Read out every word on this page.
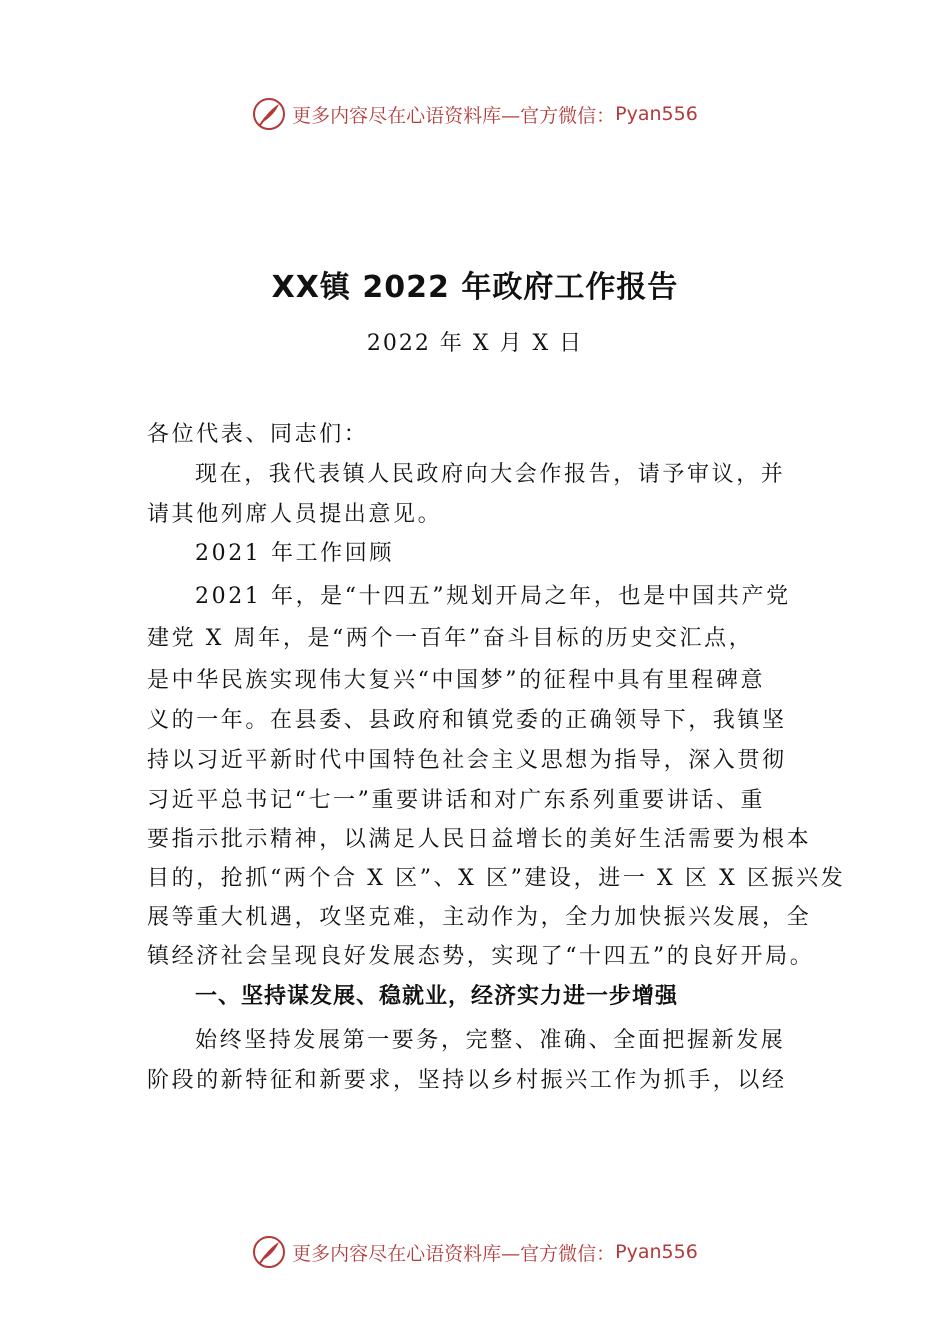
更多内容尽在心语资料库—官方微信： Pyan556
XX镇 2022 年政府工作报告
2022 年 X 月 X 日
各位代表、同志们：
现在，我代表镇人民政府向大会作报告，请予审议，并
请其他列席人员提出意见。
2021 年工作回顾
2021 年，是“十四五”规划开局之年，也是中国共产党
建党 X 周年，是“两个一百年”奋斗目标的历史交汇点，
是中华民族实现伟大复兴“中国梦”的征程中具有里程碑意
义的一年。在县委、县政府和镇党委的正确领导下，我镇坚
持以习近平新时代中国特色社会主义思想为指导，深入贯彻
习近平总书记“七一”重要讲话和对广东系列重要讲话、重
要指示批示精神，以满足人民日益增长的美好生活需要为根本
目的，抢抓“两个合 X 区”、X 区”建设，进一 X 区 X 区振兴发
展等重大机遇，攻坚克难，主动作为，全力加快振兴发展，全
镇经济社会呈现良好发展态势，实现了“十四五”的良好开局。
一、坚持谋发展、稳就业，经济实力进一步增强
始终坚持发展第一要务，完整、准确、全面把握新发展
阶段的新特征和新要求，坚持以乡村振兴工作为抓手，以经
更多内容尽在心语资料库—官方微信： Pyan556
